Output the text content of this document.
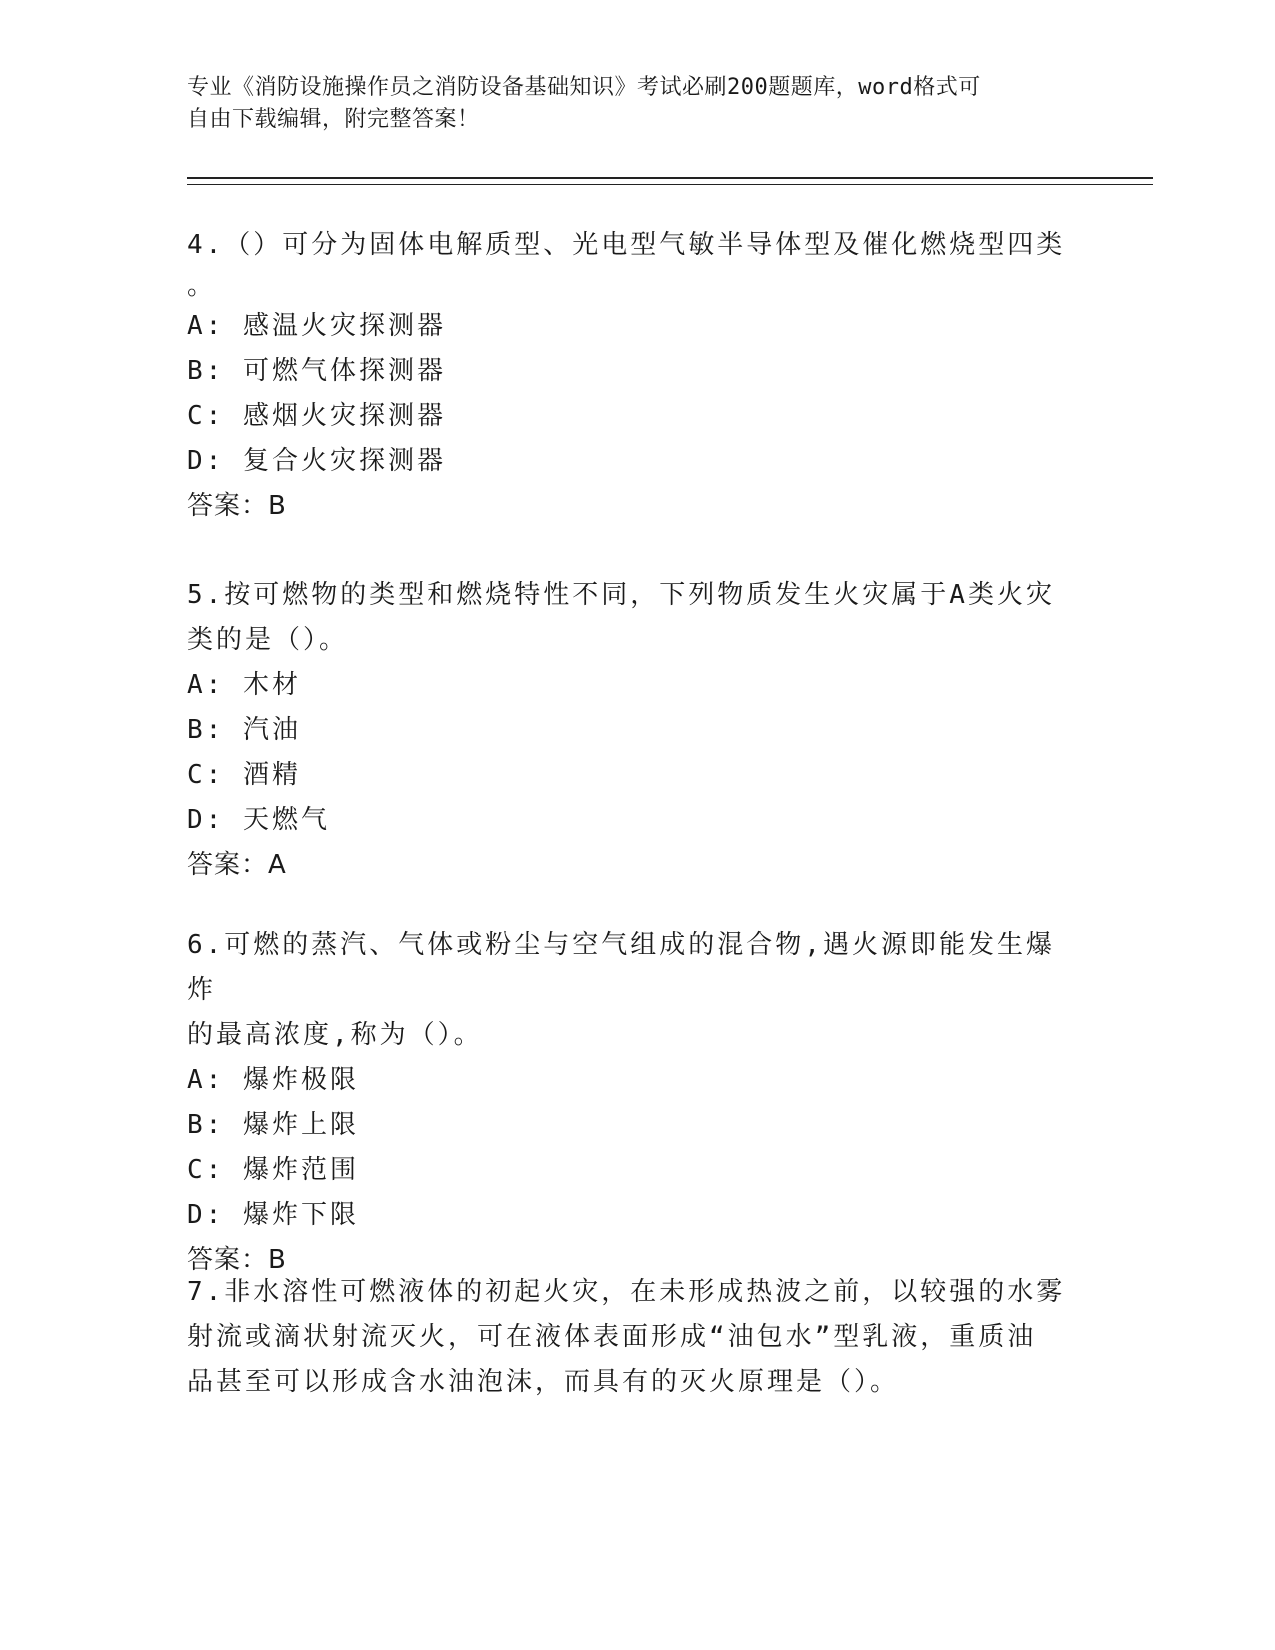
专业《消防设施操作员之消防设备基础知识》考试必刷200题题库，word格式可
自由下载编辑，附完整答案！

4.（）可分为固体电解质型、光电型气敏半导体型及催化燃烧型四类

。

A: 感温火灾探测器

B: 可燃气体探测器

C: 感烟火灾探测器

D: 复合火灾探测器

答案：B

5.按可燃物的类型和燃烧特性不同，下列物质发生火灾属于A类火灾

类的是（）。

A: 木材

B: 汽油

C: 酒精

D: 天燃气

答案：A

6.可燃的蒸汽、气体或粉尘与空气组成的混合物,遇火源即能发生爆炸

的最高浓度,称为（）。

A: 爆炸极限

B: 爆炸上限

C: 爆炸范围

D: 爆炸下限

答案：B

7.非水溶性可燃液体的初起火灾，在未形成热波之前，以较强的水雾

射流或滴状射流灭火，可在液体表面形成“油包水”型乳液，重质油

品甚至可以形成含水油泡沫，而具有的灭火原理是（）。
